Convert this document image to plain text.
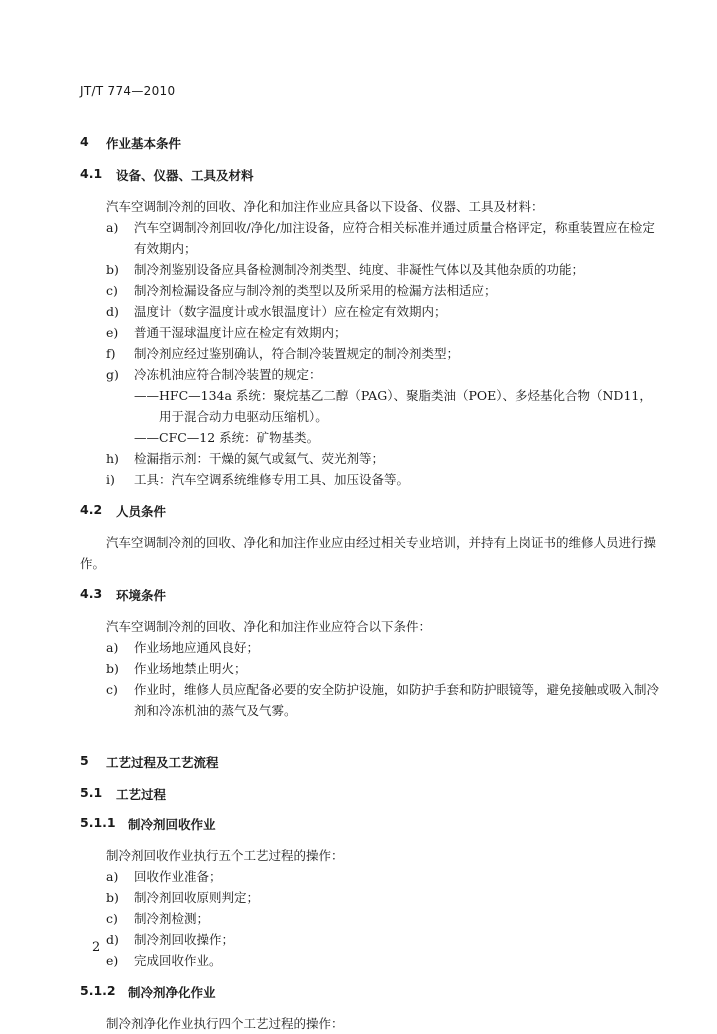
JT/T 774—2010
4	作业基本条件
4.1	设备、仪器、工具及材料

汽车空调制冷剂的回收、净化和加注作业应具备以下设备、仪器、工具及材料：

a)	汽车空调制冷剂回收/净化/加注设备，应符合相关标准并通过质量合格评定，称重装置应在检定有效期内；
b)	制冷剂鉴别设备应具备检测制冷剂类型、纯度、非凝性气体以及其他杂质的功能；
c)	制冷剂检漏设备应与制冷剂的类型以及所采用的检漏方法相适应；
d)	温度计（数字温度计或水银温度计）应在检定有效期内；
e)	普通干湿球温度计应在检定有效期内；
f)	制冷剂应经过鉴别确认，符合制冷装置规定的制冷剂类型；
g)	冷冻机油应符合制冷装置的规定：
—— HFC—134a 系统：聚烷基乙二醇（PAG）、聚脂类油（POE）、多烃基化合物（ND11，用于混合动力电驱动压缩机）。
—— CFC—12 系统：矿物基类。
h)	检漏指示剂：干燥的氮气或氦气、荧光剂等；
i)	工具：汽车空调系统维修专用工具、加压设备等。
4.2	人员条件

汽车空调制冷剂的回收、净化和加注作业应由经过相关专业培训，并持有上岗证书的维修人员进行操作。

4.3	环境条件

汽车空调制冷剂的回收、净化和加注作业应符合以下条件：

a)	作业场地应通风良好；
b)	作业场地禁止明火；
c)	作业时，维修人员应配备必要的安全防护设施，如防护手套和防护眼镜等，避免接触或吸入制冷剂和冷冻机油的蒸气及气雾。
5	工艺过程及工艺流程
5.1	工艺过程
5.1.1 制冷剂回收作业

制冷剂回收作业执行五个工艺过程的操作：

a)	回收作业准备；
b)	制冷剂回收原则判定；
c)	制冷剂检测；
d)	制冷剂回收操作；
e)	完成回收作业。
5.1.2 制冷剂净化作业

制冷剂净化作业执行四个工艺过程的操作：

2
